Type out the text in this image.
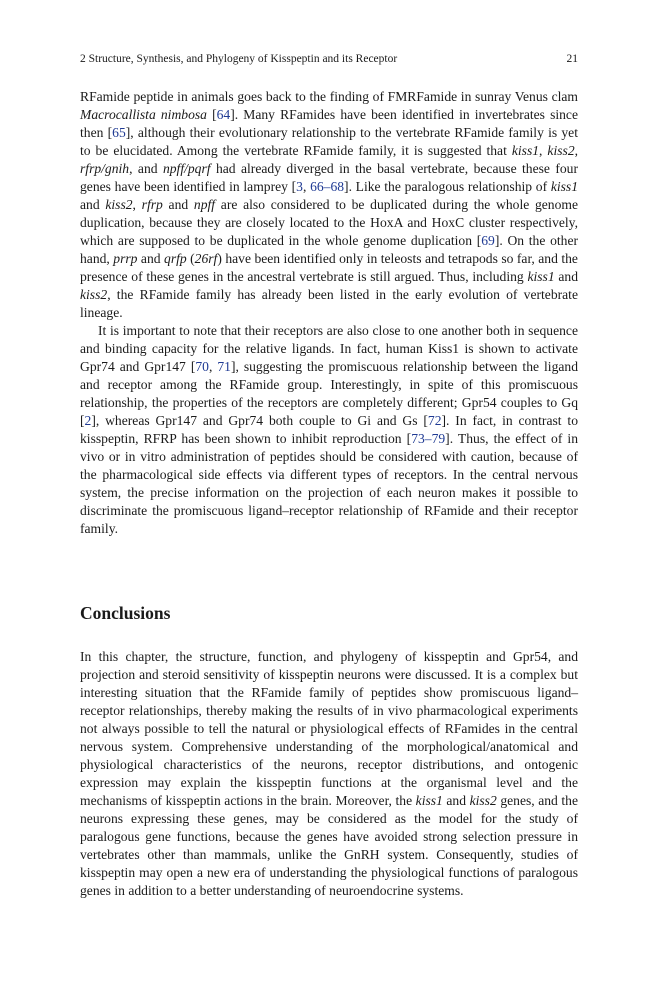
2 Structure, Synthesis, and Phylogeny of Kisspeptin and its Receptor	21

RFamide peptide in animals goes back to the finding of FMRFamide in sunray Venus clam Macrocallista nimbosa [64]. Many RFamides have been identified in invertebrates since then [65], although their evolutionary relationship to the vertebrate RFamide family is yet to be elucidated. Among the vertebrate RFamide family, it is suggested that kiss1, kiss2, rfrp/gnih, and npff/pqrf had already diverged in the basal vertebrate, because these four genes have been identified in lamprey [3, 66–68]. Like the paralogous relationship of kiss1 and kiss2, rfrp and npff are also considered to be duplicated during the whole genome duplication, because they are closely located to the HoxA and HoxC cluster respectively, which are supposed to be duplicated in the whole genome duplication [69]. On the other hand, prrp and qrfp (26rf) have been identified only in teleosts and tetrapods so far, and the presence of these genes in the ancestral vertebrate is still argued. Thus, including kiss1 and kiss2, the RFamide family has already been listed in the early evolution of vertebrate lineage.

It is important to note that their receptors are also close to one another both in sequence and binding capacity for the relative ligands. In fact, human Kiss1 is shown to activate Gpr74 and Gpr147 [70, 71], suggesting the promiscuous relationship between the ligand and receptor among the RFamide group. Interestingly, in spite of this promiscuous relationship, the properties of the receptors are completely different; Gpr54 couples to Gq [2], whereas Gpr147 and Gpr74 both couple to Gi and Gs [72]. In fact, in contrast to kisspeptin, RFRP has been shown to inhibit reproduction [73–79]. Thus, the effect of in vivo or in vitro administration of peptides should be considered with caution, because of the pharmacological side effects via different types of receptors. In the central nervous system, the precise information on the projection of each neuron makes it possible to discriminate the promiscuous ligand–receptor relationship of RFamide and their receptor family.

Conclusions

In this chapter, the structure, function, and phylogeny of kisspeptin and Gpr54, and projection and steroid sensitivity of kisspeptin neurons were discussed. It is a complex but interesting situation that the RFamide family of peptides show promiscuous ligand–receptor relationships, thereby making the results of in vivo pharmacological experiments not always possible to tell the natural or physiological effects of RFamides in the central nervous system. Comprehensive understanding of the morphological/anatomical and physiological characteristics of the neurons, receptor distributions, and ontogenic expression may explain the kisspeptin functions at the organismal level and the mechanisms of kisspeptin actions in the brain. Moreover, the kiss1 and kiss2 genes, and the neurons expressing these genes, may be considered as the model for the study of paralogous gene functions, because the genes have avoided strong selection pressure in vertebrates other than mammals, unlike the GnRH system. Consequently, studies of kisspeptin may open a new era of understanding the physiological functions of paralogous genes in addition to a better understanding of neuroendocrine systems.
